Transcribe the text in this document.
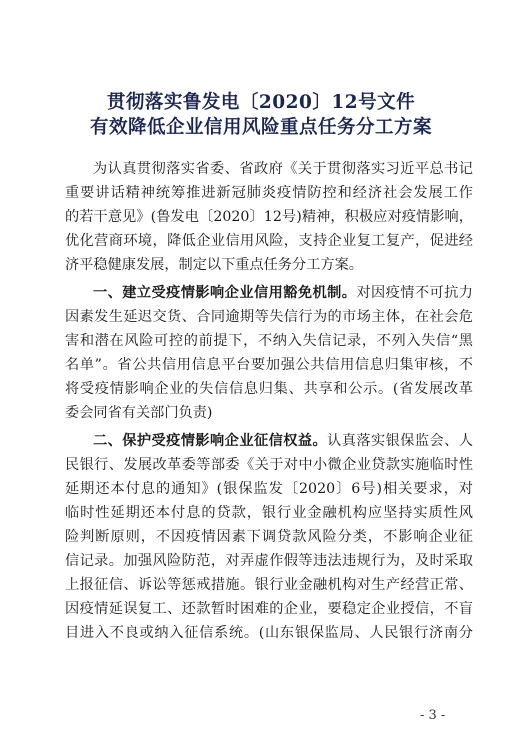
贯彻落实鲁发电〔2020〕12号文件
有效降低企业信用风险重点任务分工方案
为认真贯彻落实省委、省政府《关于贯彻落实习近平总书记
重要讲话精神统筹推进新冠肺炎疫情防控和经济社会发展工作
的若干意见》(鲁发电〔2020〕12号)精神，积极应对疫情影响，
优化营商环境，降低企业信用风险，支持企业复工复产，促进经
济平稳健康发展，制定以下重点任务分工方案。
一、建立受疫情影响企业信用豁免机制。对因疫情不可抗力
因素发生延迟交货、合同逾期等失信行为的市场主体，在社会危
害和潜在风险可控的前提下，不纳入失信记录，不列入失信“黑
名单”。省公共信用信息平台要加强公共信用信息归集审核，不
将受疫情影响企业的失信信息归集、共享和公示。(省发展改革
委会同省有关部门负责)
二、保护受疫情影响企业征信权益。认真落实银保监会、人
民银行、发展改革委等部委《关于对中小微企业贷款实施临时性
延期还本付息的通知》(银保监发〔2020〕6号)相关要求，对
临时性延期还本付息的贷款，银行业金融机构应坚持实质性风
险判断原则，不因疫情因素下调贷款风险分类，不影响企业征
信记录。加强风险防范，对弄虚作假等违法违规行为，及时采取
上报征信、诉讼等惩戒措施。银行业金融机构对生产经营正常、
因疫情延误复工、还款暂时困难的企业，要稳定企业授信，不盲
目进入不良或纳入征信系统。(山东银保监局、人民银行济南分
- 3 -
